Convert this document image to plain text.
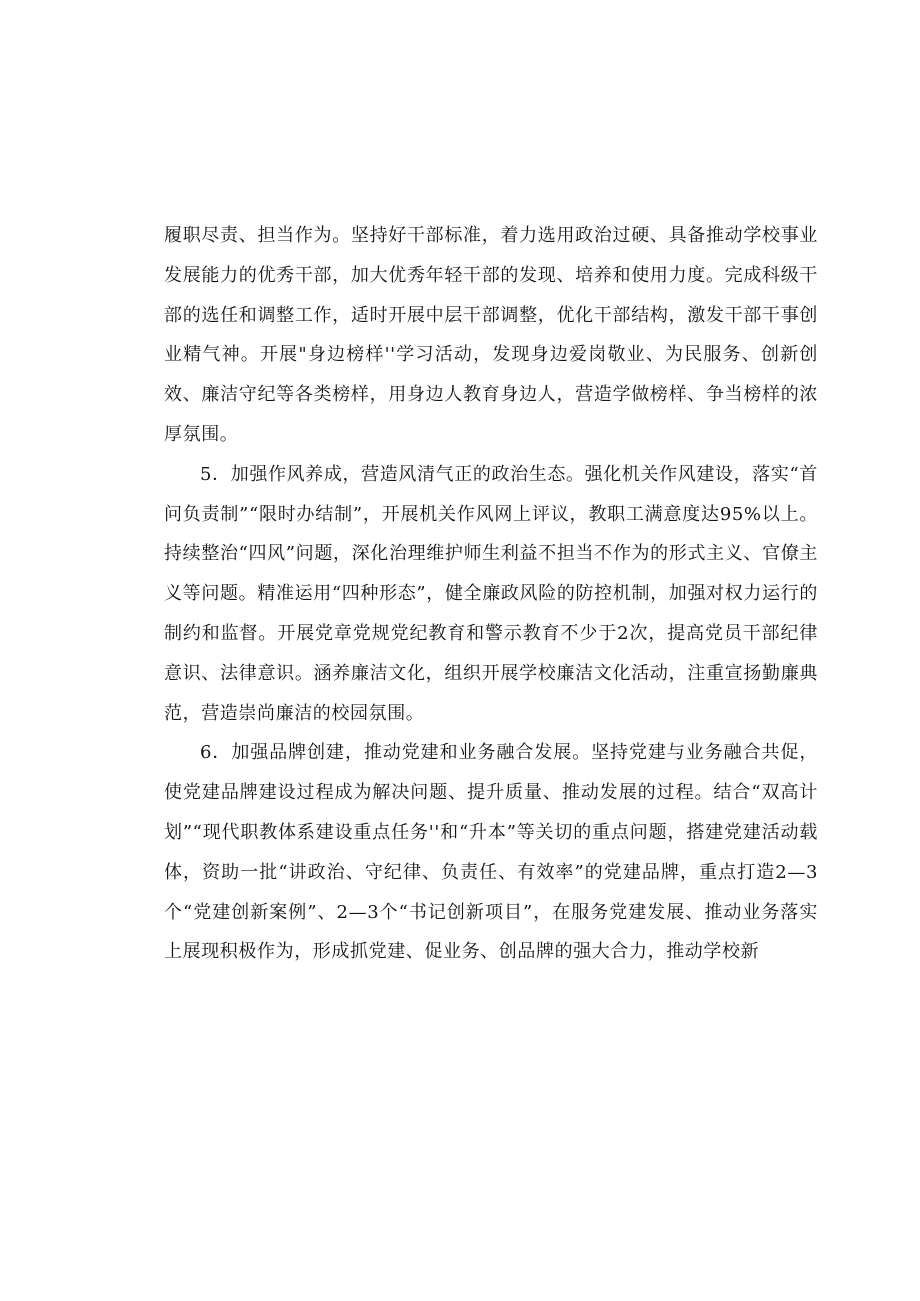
履职尽责、担当作为。坚持好干部标准，着力选用政治过硬、具备推动学校事业发展能力的优秀干部，加大优秀年轻干部的发现、培养和使用力度。完成科级干部的选任和调整工作，适时开展中层干部调整，优化干部结构，激发干部干事创业精气神。开展"身边榜样''学习活动，发现身边爱岗敬业、为民服务、创新创效、廉洁守纪等各类榜样，用身边人教育身边人，营造学做榜样、争当榜样的浓厚氛围。

5．加强作风养成，营造风清气正的政治生态。强化机关作风建设，落实“首问负责制”“限时办结制”，开展机关作风网上评议，教职工满意度达95%以上。持续整治“四风”问题，深化治理维护师生利益不担当不作为的形式主义、官僚主义等问题。精准运用“四种形态”，健全廉政风险的防控机制，加强对权力运行的制约和监督。开展党章党规党纪教育和警示教育不少于2次，提高党员干部纪律意识、法律意识。涵养廉洁文化，组织开展学校廉洁文化活动，注重宣扬勤廉典范，营造崇尚廉洁的校园氛围。

6．加强品牌创建，推动党建和业务融合发展。坚持党建与业务融合共促，使党建品牌建设过程成为解决问题、提升质量、推动发展的过程。结合“双高计划”“现代职教体系建设重点任务''和“升本”等关切的重点问题，搭建党建活动载体，资助一批“讲政治、守纪律、负责任、有效率”的党建品牌，重点打造2—3个“党建创新案例”、2—3个“书记创新项目”，在服务党建发展、推动业务落实上展现积极作为，形成抓党建、促业务、创品牌的强大合力，推动学校新
